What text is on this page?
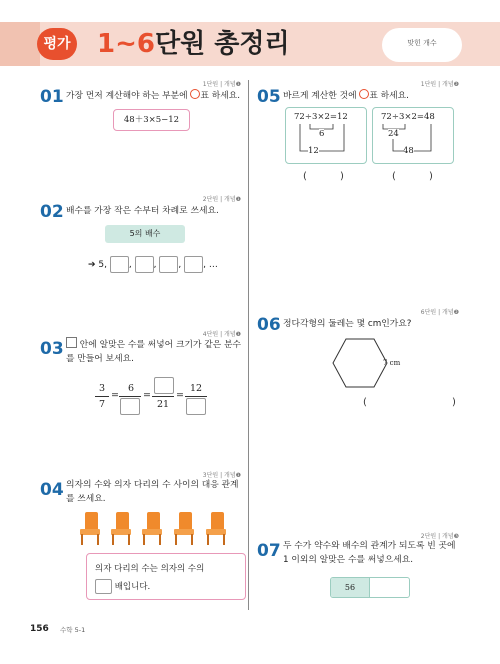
평가 1~6단원 총정리	맞힌 개수
1단원 | 개념❶
01 가장 먼저 계산해야 하는 부분에 표 하세요.
48＋3×5−12
2단원 | 개념❶
02 배수를 가장 작은 수부터 차례로 쓰세요.
5의 배수
➔ 5, , , , , …
4단원 | 개념❶
03	안에 알맞은 수를 써넣어 크기가 같은 분수
를 만들어 보세요.
3
7
=
6
=
21
=
12
3단원 | 개념❶
04 의자의 수와 의자 다리의 수 사이의 대응 관계
를 쓰세요.
의자 다리의 수는 의자의 수의
배입니다.
1단원 | 개념❷
05 바르게 계산한 것에 표 하세요.
72÷3×2=12
6
12
72÷3×2=48
24
48
(	)	(	)
6단원 | 개념❷
06 정다각형의 둘레는 몇 cm인가요?
7 cm
(	)
2단원 | 개념❸
07 두 수가 약수와 배수의 관계가 되도록 빈 곳에
1 이외의 알맞은 수를 써넣으세요.
56
156 수학 5-1
